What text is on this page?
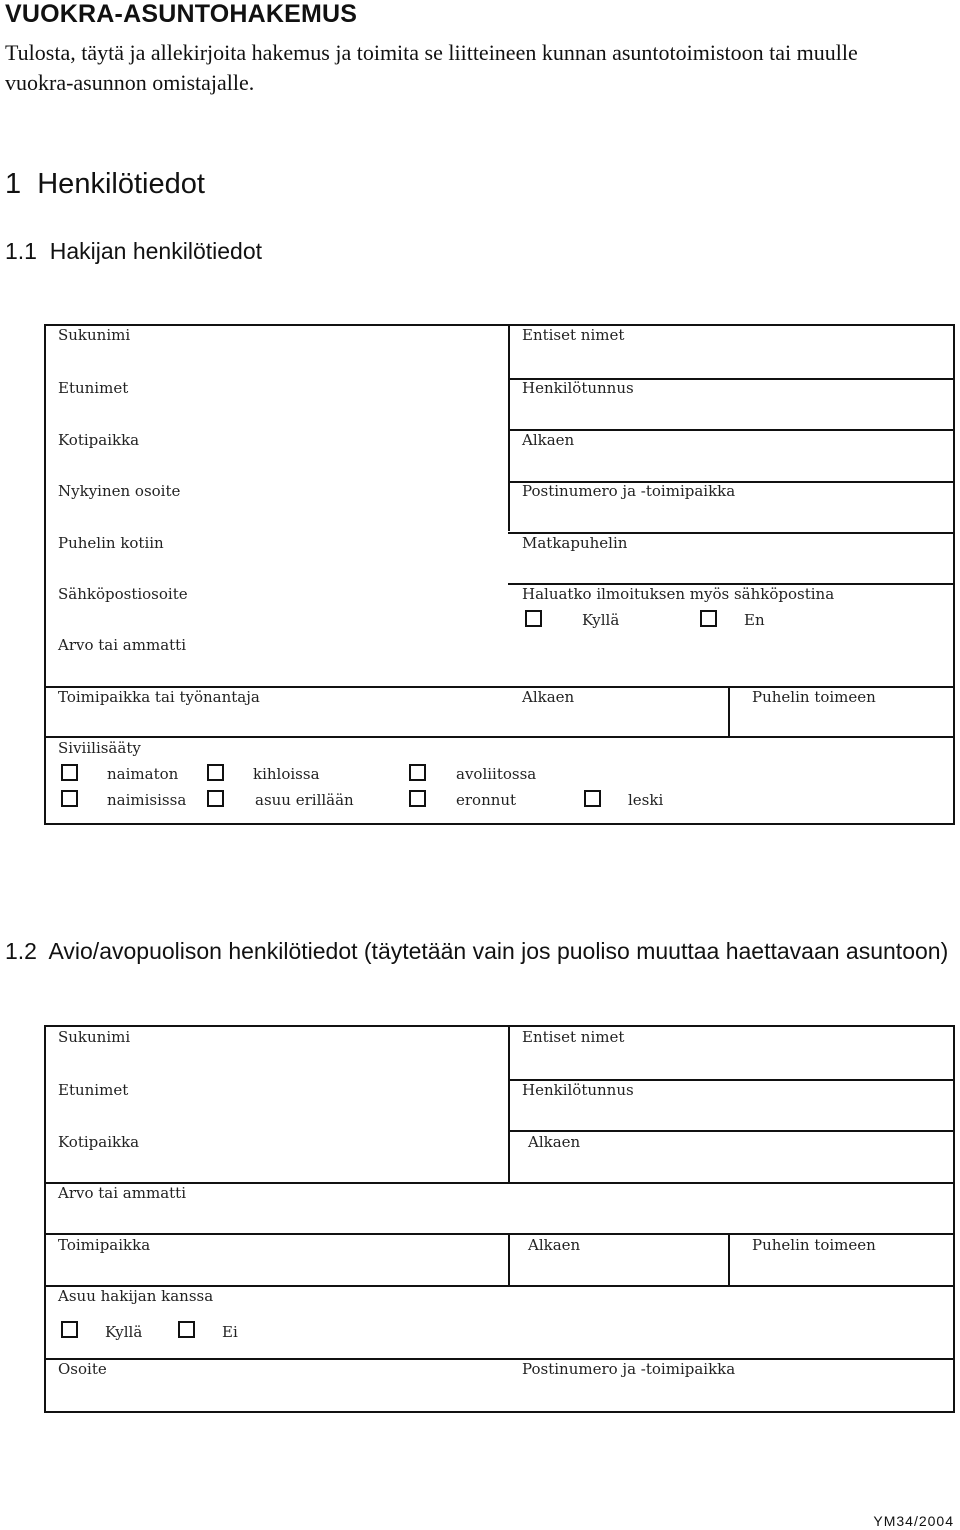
VUOKRA-ASUNTOHAKEMUS
Tulosta, täytä ja allekirjoita hakemus ja toimita se liitteineen kunnan asuntotoimistoon tai muulle vuokra-asunnon omistajalle.
1  Henkilötiedot
1.1  Hakijan henkilötiedot
Sukunimi	Entiset nimet
Etunimet	Henkilötunnus
Kotipaikka	Alkaen
Nykyinen osoite	Postinumero ja -toimipaikka
Puhelin kotiin	Matkapuhelin
Sähköpostiosoite	Haluatko ilmoituksen myös sähköpostina
Kyllä	En
Arvo tai ammatti
Toimipaikka tai työnantaja	Alkaen	Puhelin toimeen
Siviilisääty
naimaton	kihloissa	avoliitossa
naimisissa	asuu erillään	eronnut	leski
1.2  Avio/avopuolison henkilötiedot (täytetään vain jos puoliso muuttaa haettavaan asuntoon)
Sukunimi	Entiset nimet
Etunimet	Henkilötunnus
Kotipaikka	Alkaen
Arvo tai ammatti
Toimipaikka	Alkaen	Puhelin toimeen
Asuu hakijan kanssa
Kyllä	Ei
Osoite	Postinumero ja -toimipaikka
YM34/2004
